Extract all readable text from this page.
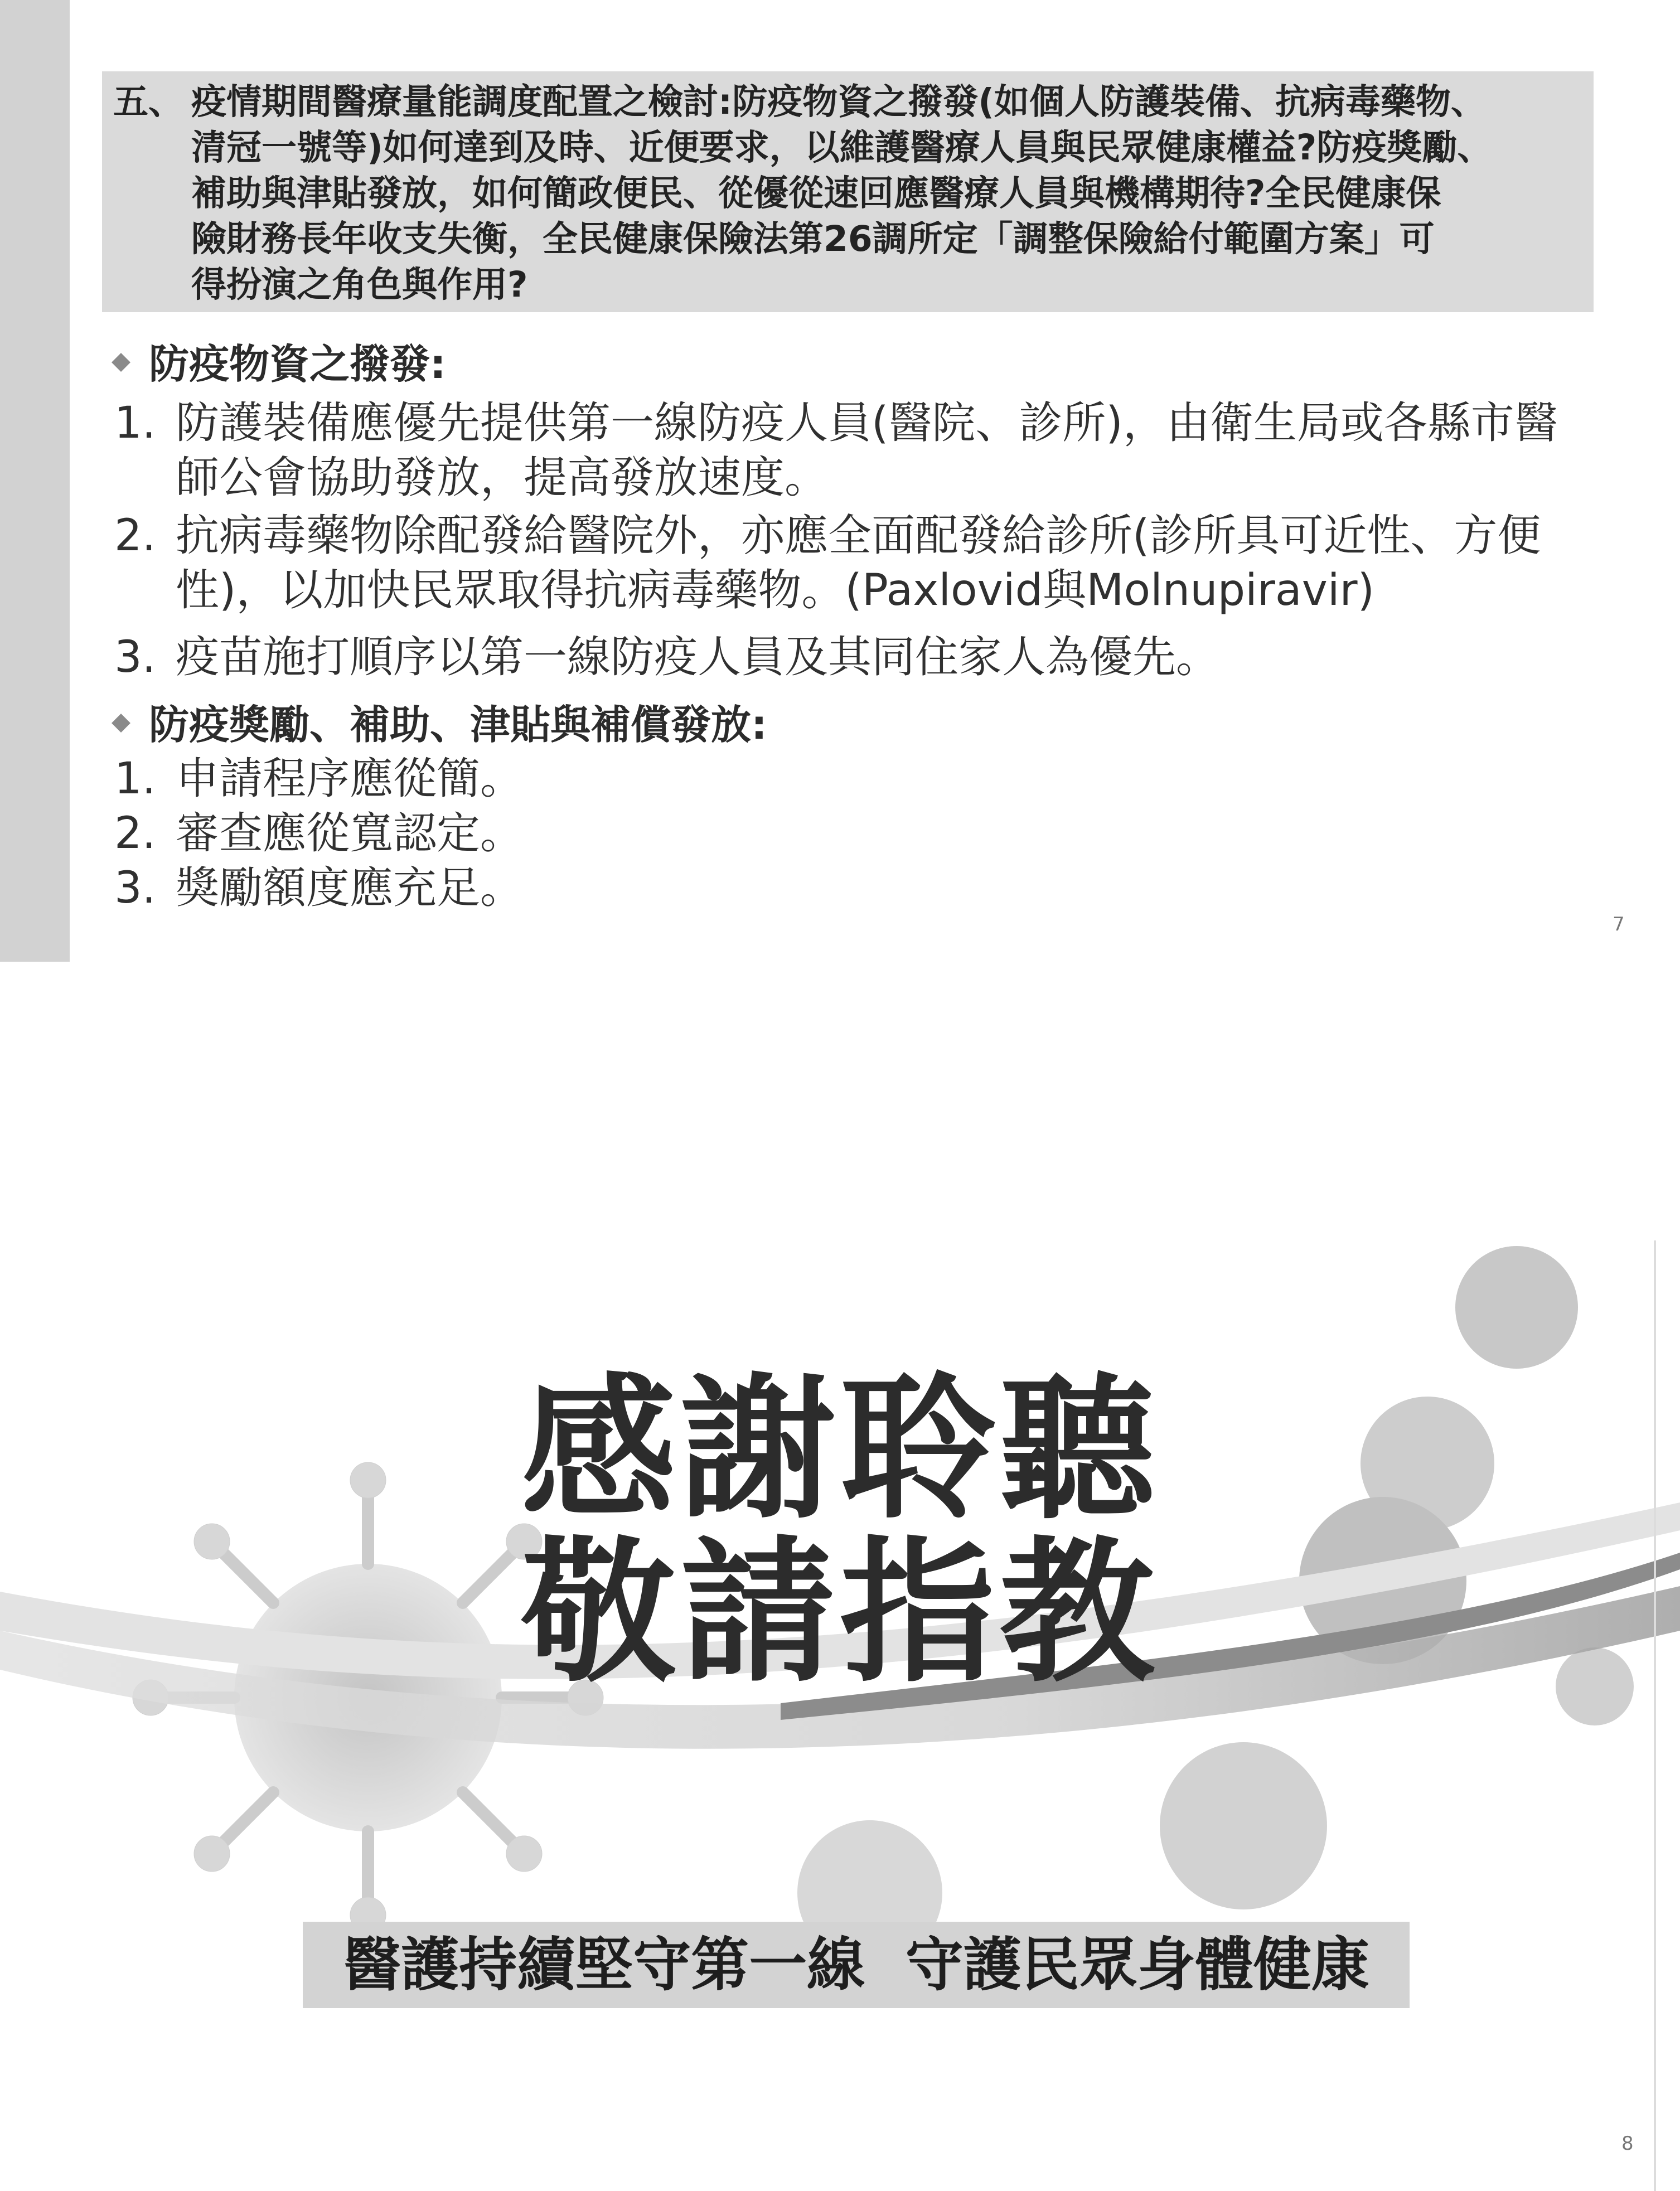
五、 疫情期間醫療量能調度配置之檢討:防疫物資之撥發(如個人防護裝備、抗病毒藥物、
清冠一號等)如何達到及時、近便要求，以維護醫療人員與民眾健康權益?防疫獎勵、
補助與津貼發放，如何簡政便民、從優從速回應醫療人員與機構期待?全民健康保
險財務長年收支失衡，全民健康保險法第26調所定「調整保險給付範圍方案」可
得扮演之角色與作用?
防疫物資之撥發:
1. 防護裝備應優先提供第一線防疫人員(醫院、診所)，由衛生局或各縣市醫
師公會協助發放，提高發放速度。
2. 抗病毒藥物除配發給醫院外，亦應全面配發給診所(診所具可近性、方便
性)，以加快民眾取得抗病毒藥物。(Paxlovid與Molnupiravir)
3. 疫苗施打順序以第一線防疫人員及其同住家人為優先。
防疫獎勵、補助、津貼與補償發放:
1. 申請程序應從簡。
2. 審查應從寬認定。
3. 獎勵額度應充足。
7
感謝聆聽
敬請指教
醫護持續堅守第一線  守護民眾身體健康
8
